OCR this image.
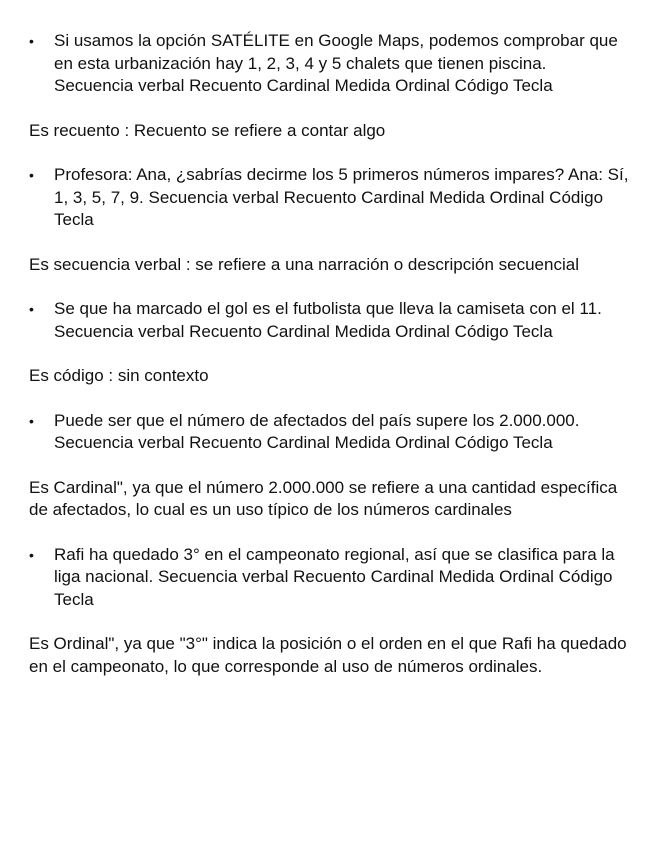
•	Si usamos la opción SATÉLITE en Google Maps, podemos comprobar que en esta urbanización hay 1, 2, 3, 4 y 5 chalets que tienen piscina. Secuencia verbal Recuento Cardinal Medida Ordinal Código Tecla

Es recuento : Recuento se refiere a contar algo

•	Profesora: Ana, ¿sabrías decirme los 5 primeros números impares? Ana: Sí, 1, 3, 5, 7, 9. Secuencia verbal Recuento Cardinal Medida Ordinal Código Tecla

Es secuencia verbal : se refiere a una narración o descripción secuencial

•	Se que ha marcado el gol es el futbolista que lleva la camiseta con el 11. Secuencia verbal Recuento Cardinal Medida Ordinal Código Tecla

Es código : sin contexto

•	Puede ser que el número de afectados del país supere los 2.000.000. Secuencia verbal Recuento Cardinal Medida Ordinal Código Tecla

Es Cardinal", ya que el número 2.000.000 se refiere a una cantidad específica de afectados, lo cual es un uso típico de los números cardinales

•	Rafi ha quedado 3° en el campeonato regional, así que se clasifica para la liga nacional. Secuencia verbal Recuento Cardinal Medida Ordinal Código Tecla

Es Ordinal", ya que "3°" indica la posición o el orden en el que Rafi ha quedado en el campeonato, lo que corresponde al uso de números ordinales.
